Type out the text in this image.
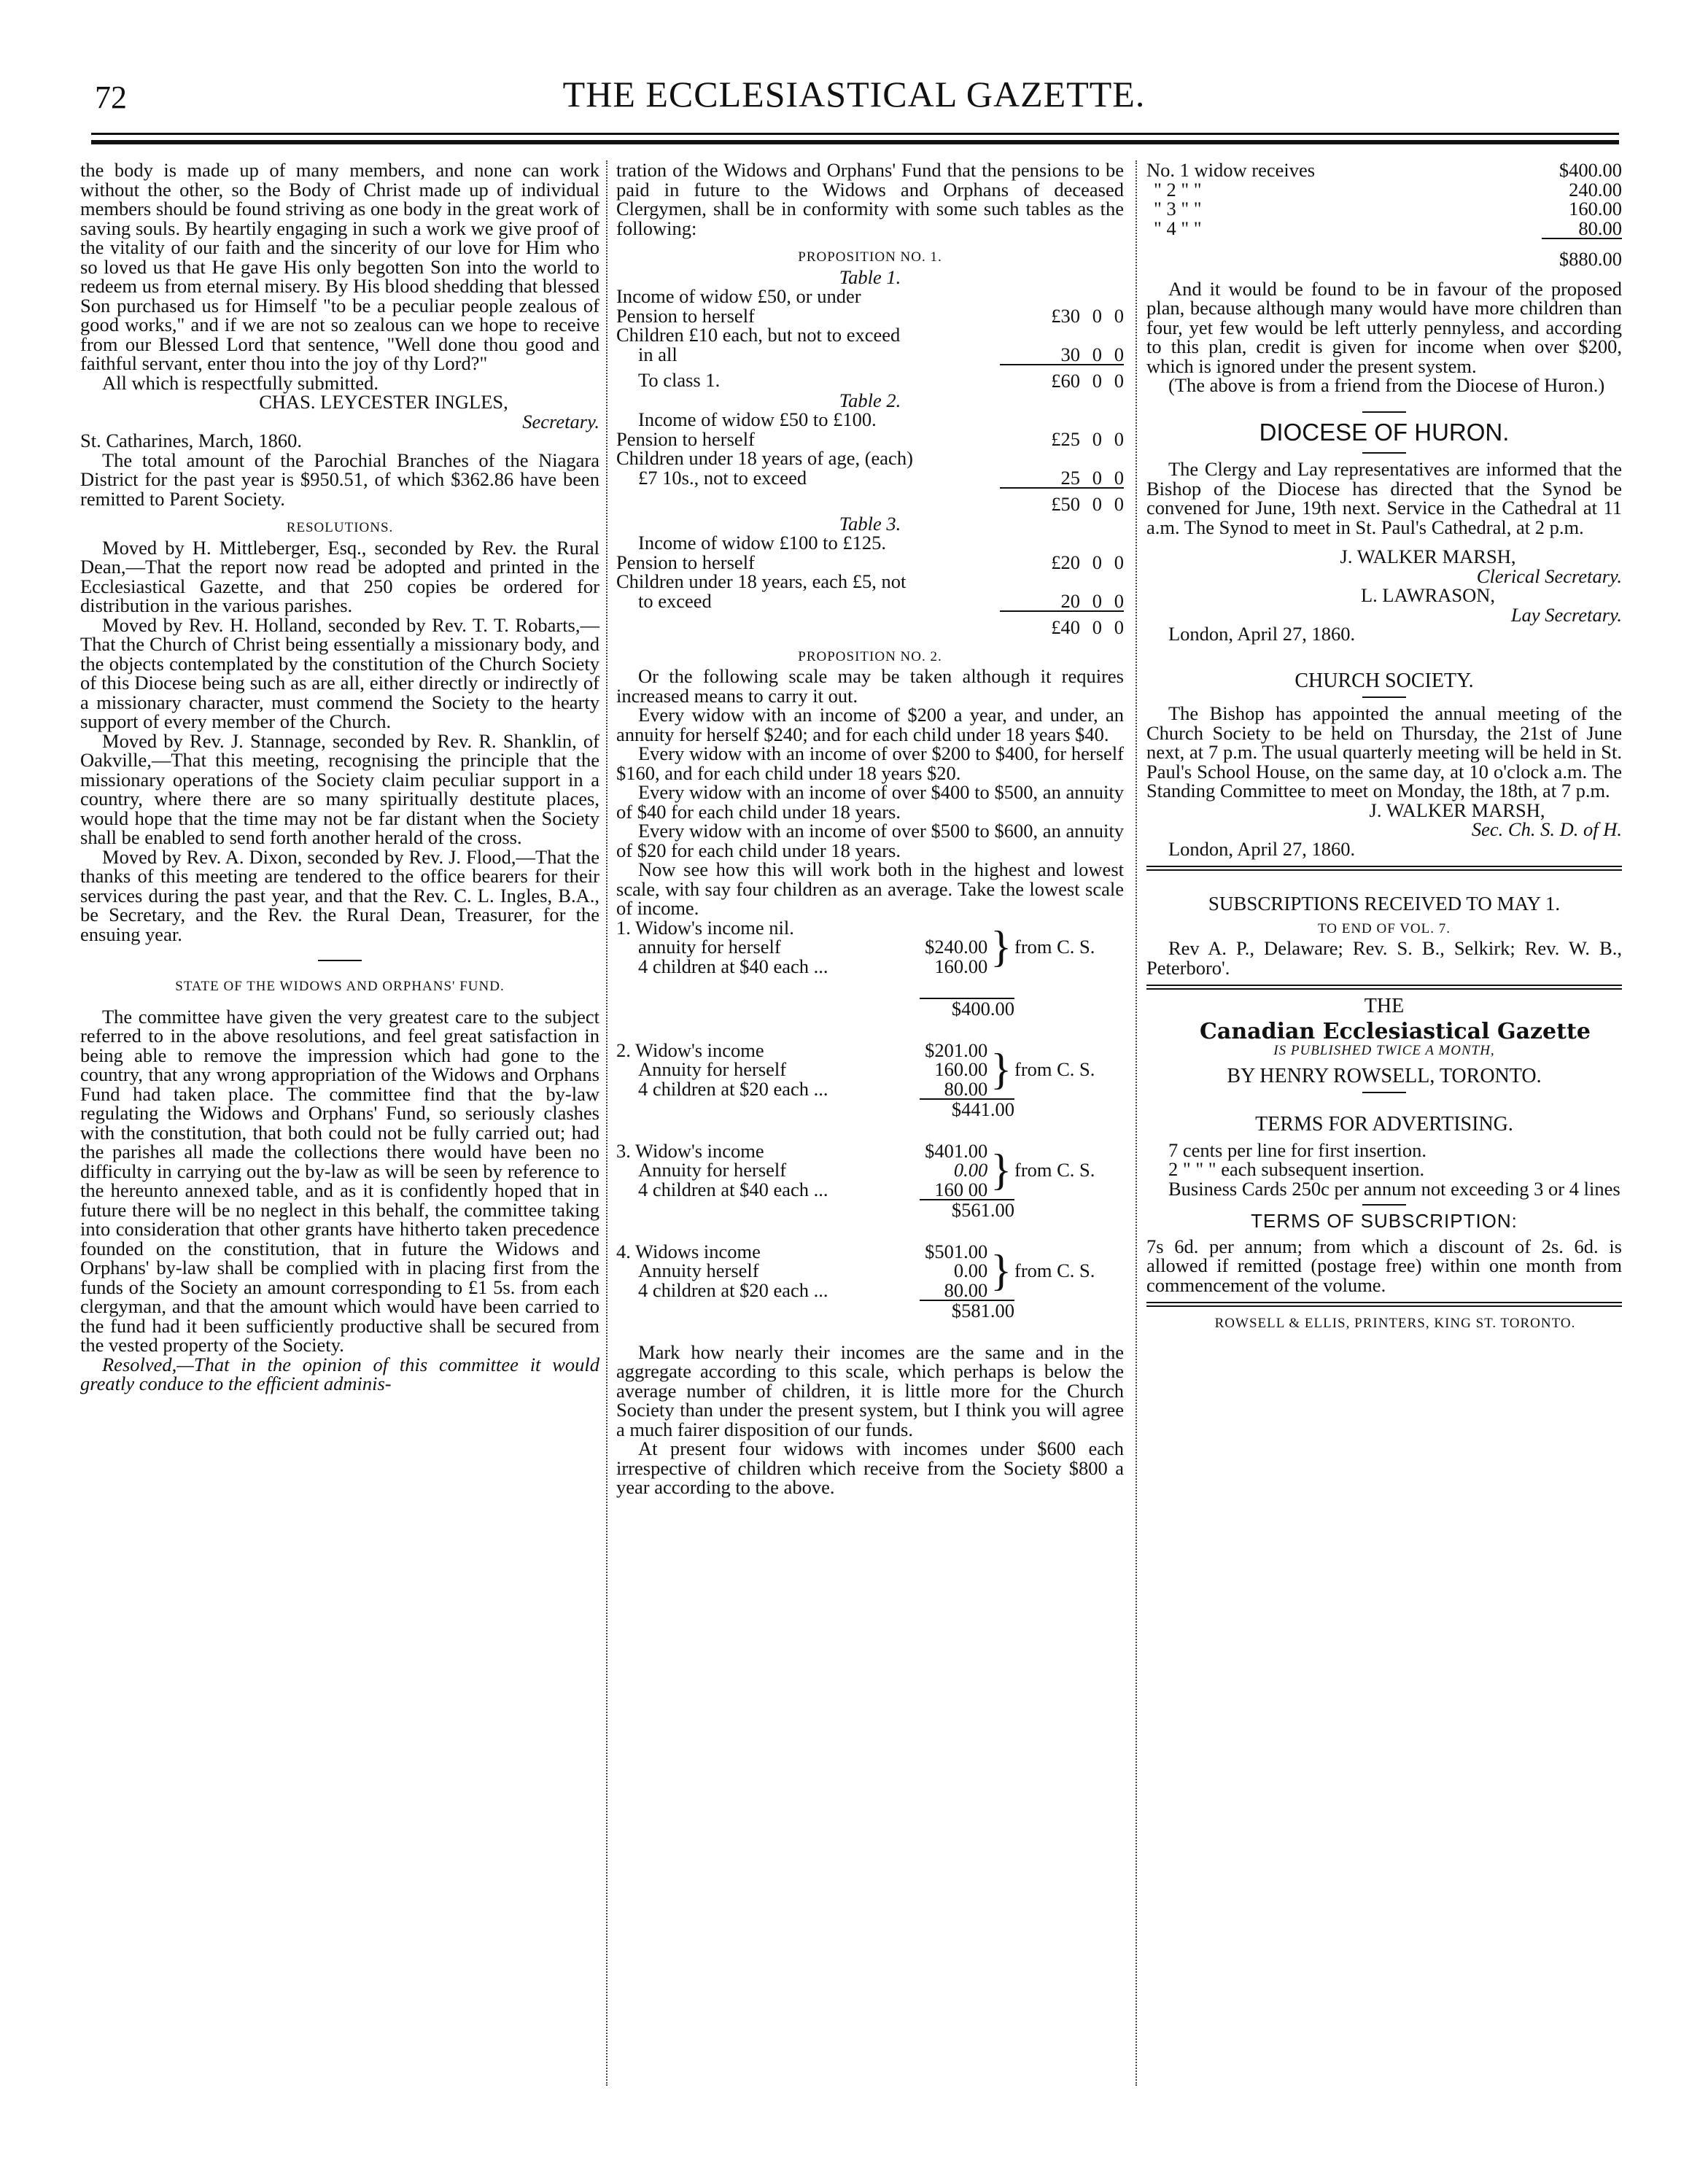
72	THE ECCLESIASTICAL GAZETTE.

the body is made up of many members, and none can work without the other, so the Body of Christ made up of individual members should be found striving as one body in the great work of saving souls. By heartily engaging in such a work we give proof of the vitality of our faith and the sincerity of our love for Him who so loved us that He gave His only begotten Son into the world to redeem us from eternal misery. By His blood shedding that blessed Son purchased us for Himself "to be a peculiar people zealous of good works," and if we are not so zealous can we hope to receive from our Blessed Lord that sentence, "Well done thou good and faithful servant, enter thou into the joy of thy Lord?"

All which is respectfully submitted.

CHAS. LEYCESTER INGLES,

Secretary.

St. Catharines, March, 1860.

The total amount of the Parochial Branches of the Niagara District for the past year is $950.51, of which $362.86 have been remitted to Parent Society.

RESOLUTIONS.

Moved by H. Mittleberger, Esq., seconded by Rev. the Rural Dean,—That the report now read be adopted and printed in the Ecclesiastical Gazette, and that 250 copies be ordered for distribution in the various parishes.

Moved by Rev. H. Holland, seconded by Rev. T. T. Robarts,—That the Church of Christ being essentially a missionary body, and the objects contemplated by the constitution of the Church Society of this Diocese being such as are all, either directly or indirectly of a missionary character, must commend the Society to the hearty support of every member of the Church.

Moved by Rev. J. Stannage, seconded by Rev. R. Shanklin, of Oakville,—That this meeting, recognising the principle that the missionary operations of the Society claim peculiar support in a country, where there are so many spiritually destitute places, would hope that the time may not be far distant when the Society shall be enabled to send forth another herald of the cross.

Moved by Rev. A. Dixon, seconded by Rev. J. Flood,—That the thanks of this meeting are tendered to the office bearers for their services during the past year, and that the Rev. C. L. Ingles, B.A., be Secretary, and the Rev. the Rural Dean, Treasurer, for the ensuing year.

STATE OF THE WIDOWS AND ORPHANS' FUND.

The committee have given the very greatest care to the subject referred to in the above resolutions, and feel great satisfaction in being able to remove the impression which had gone to the country, that any wrong appropriation of the Widows and Orphans Fund had taken place. The committee find that the by-law regulating the Widows and Orphans' Fund, so seriously clashes with the constitution, that both could not be fully carried out; had the parishes all made the collections there would have been no difficulty in carrying out the by-law as will be seen by reference to the hereunto annexed table, and as it is confidently hoped that in future there will be no neglect in this behalf, the committee taking into consideration that other grants have hitherto taken precedence founded on the constitution, that in future the Widows and Orphans' by-law shall be complied with in placing first from the funds of the Society an amount corresponding to £1 5s. from each clergyman, and that the amount which would have been carried to the fund had it been sufficiently productive shall be secured from the vested property of the Society.

Resolved,—That in the opinion of this committee it would greatly conduce to the efficient adminis-

tration of the Widows and Orphans' Fund that the pensions to be paid in future to the Widows and Orphans of deceased Clergymen, shall be in conformity with some such tables as the following:

PROPOSITION NO. 1.

Table 1.

Income of widow £50, or under			
Pension to herself	£30	0	0
Children £10 each, but not to exceed			
in all	30	0	0
To class 1.	£60	0	0

Table 2.

Income of widow £50 to £100.			
Pension to herself	£25	0	0
Children under 18 years of age, (each)			
£7 10s., not to exceed	25	0	0
	£50	0	0

Table 3.

Income of widow £100 to £125.			
Pension to herself	£20	0	0
Children under 18 years, each £5, not			
to exceed	20	0	0
	£40	0	0

PROPOSITION NO. 2.

Or the following scale may be taken although it requires increased means to carry it out.

Every widow with an income of $200 a year, and under, an annuity for herself $240; and for each child under 18 years $40.

Every widow with an income of over $200 to $400, for herself $160, and for each child under 18 years $20.

Every widow with an income of over $400 to $500, an annuity of $40 for each child under 18 years.

Every widow with an income of over $500 to $600, an annuity of $20 for each child under 18 years.

Now see how this will work both in the highest and lowest scale, with say four children as an average. Take the lowest scale of income.

1. Widow's income nil.	
annuity for herself	$240.00
4 children at $40 each ...	160.00 } from C. S.

$400.00

2. Widow's income	$201.00
Annuity for herself	160.00
4 children at $20 each ...	80.00 } from C. S.

$441.00

3. Widow's income	$401.00
Annuity for herself	0.00
4 children at $40 each ...	160 00 } from C. S.

$561.00

4. Widows income	$501.00
Annuity herself	0.00
4 children at $20 each ...	80.00 } from C. S.

$581.00

Mark how nearly their incomes are the same and in the aggregate according to this scale, which perhaps is below the average number of children, it is little more for the Church Society than under the present system, but I think you will agree a much fairer disposition of our funds.

At present four widows with incomes under $600 each irrespective of children which receive from the Society $800 a year according to the above.

No. 1 widow receives	$400.00
" 2 " "	240.00
" 3 " "	160.00
" 4 " "	80.00
	$880.00

And it would be found to be in favour of the proposed plan, because although many would have more children than four, yet few would be left utterly pennyless, and according to this plan, credit is given for income when over $200, which is ignored under the present system.

(The above is from a friend from the Diocese of Huron.)

DIOCESE OF HURON.

The Clergy and Lay representatives are informed that the Bishop of the Diocese has directed that the Synod be convened for June, 19th next. Service in the Cathedral at 11 a.m. The Synod to meet in St. Paul's Cathedral, at 2 p.m.

J. WALKER MARSH,

Clerical Secretary.

L. LAWRASON,

Lay Secretary.

London, April 27, 1860.

CHURCH SOCIETY.

The Bishop has appointed the annual meeting of the Church Society to be held on Thursday, the 21st of June next, at 7 p.m. The usual quarterly meeting will be held in St. Paul's School House, on the same day, at 10 o'clock a.m. The Standing Committee to meet on Monday, the 18th, at 7 p.m.

J. WALKER MARSH,

Sec. Ch. S. D. of H.

London, April 27, 1860.

SUBSCRIPTIONS RECEIVED TO MAY 1.

TO END OF VOL. 7.

Rev A. P., Delaware; Rev. S. B., Selkirk; Rev. W. B., Peterboro'.

THE

Canadian Ecclesiastical Gazette

IS PUBLISHED TWICE A MONTH,

BY HENRY ROWSELL, TORONTO.

TERMS FOR ADVERTISING.

7 cents per line for first insertion.

2 " " " each subsequent insertion.

Business Cards 250c per annum not exceeding 3 or 4 lines

TERMS OF SUBSCRIPTION:

7s 6d. per annum; from which a discount of 2s. 6d. is allowed if remitted (postage free) within one month from commencement of the volume.

ROWSELL & ELLIS, PRINTERS, KING ST. TORONTO.
